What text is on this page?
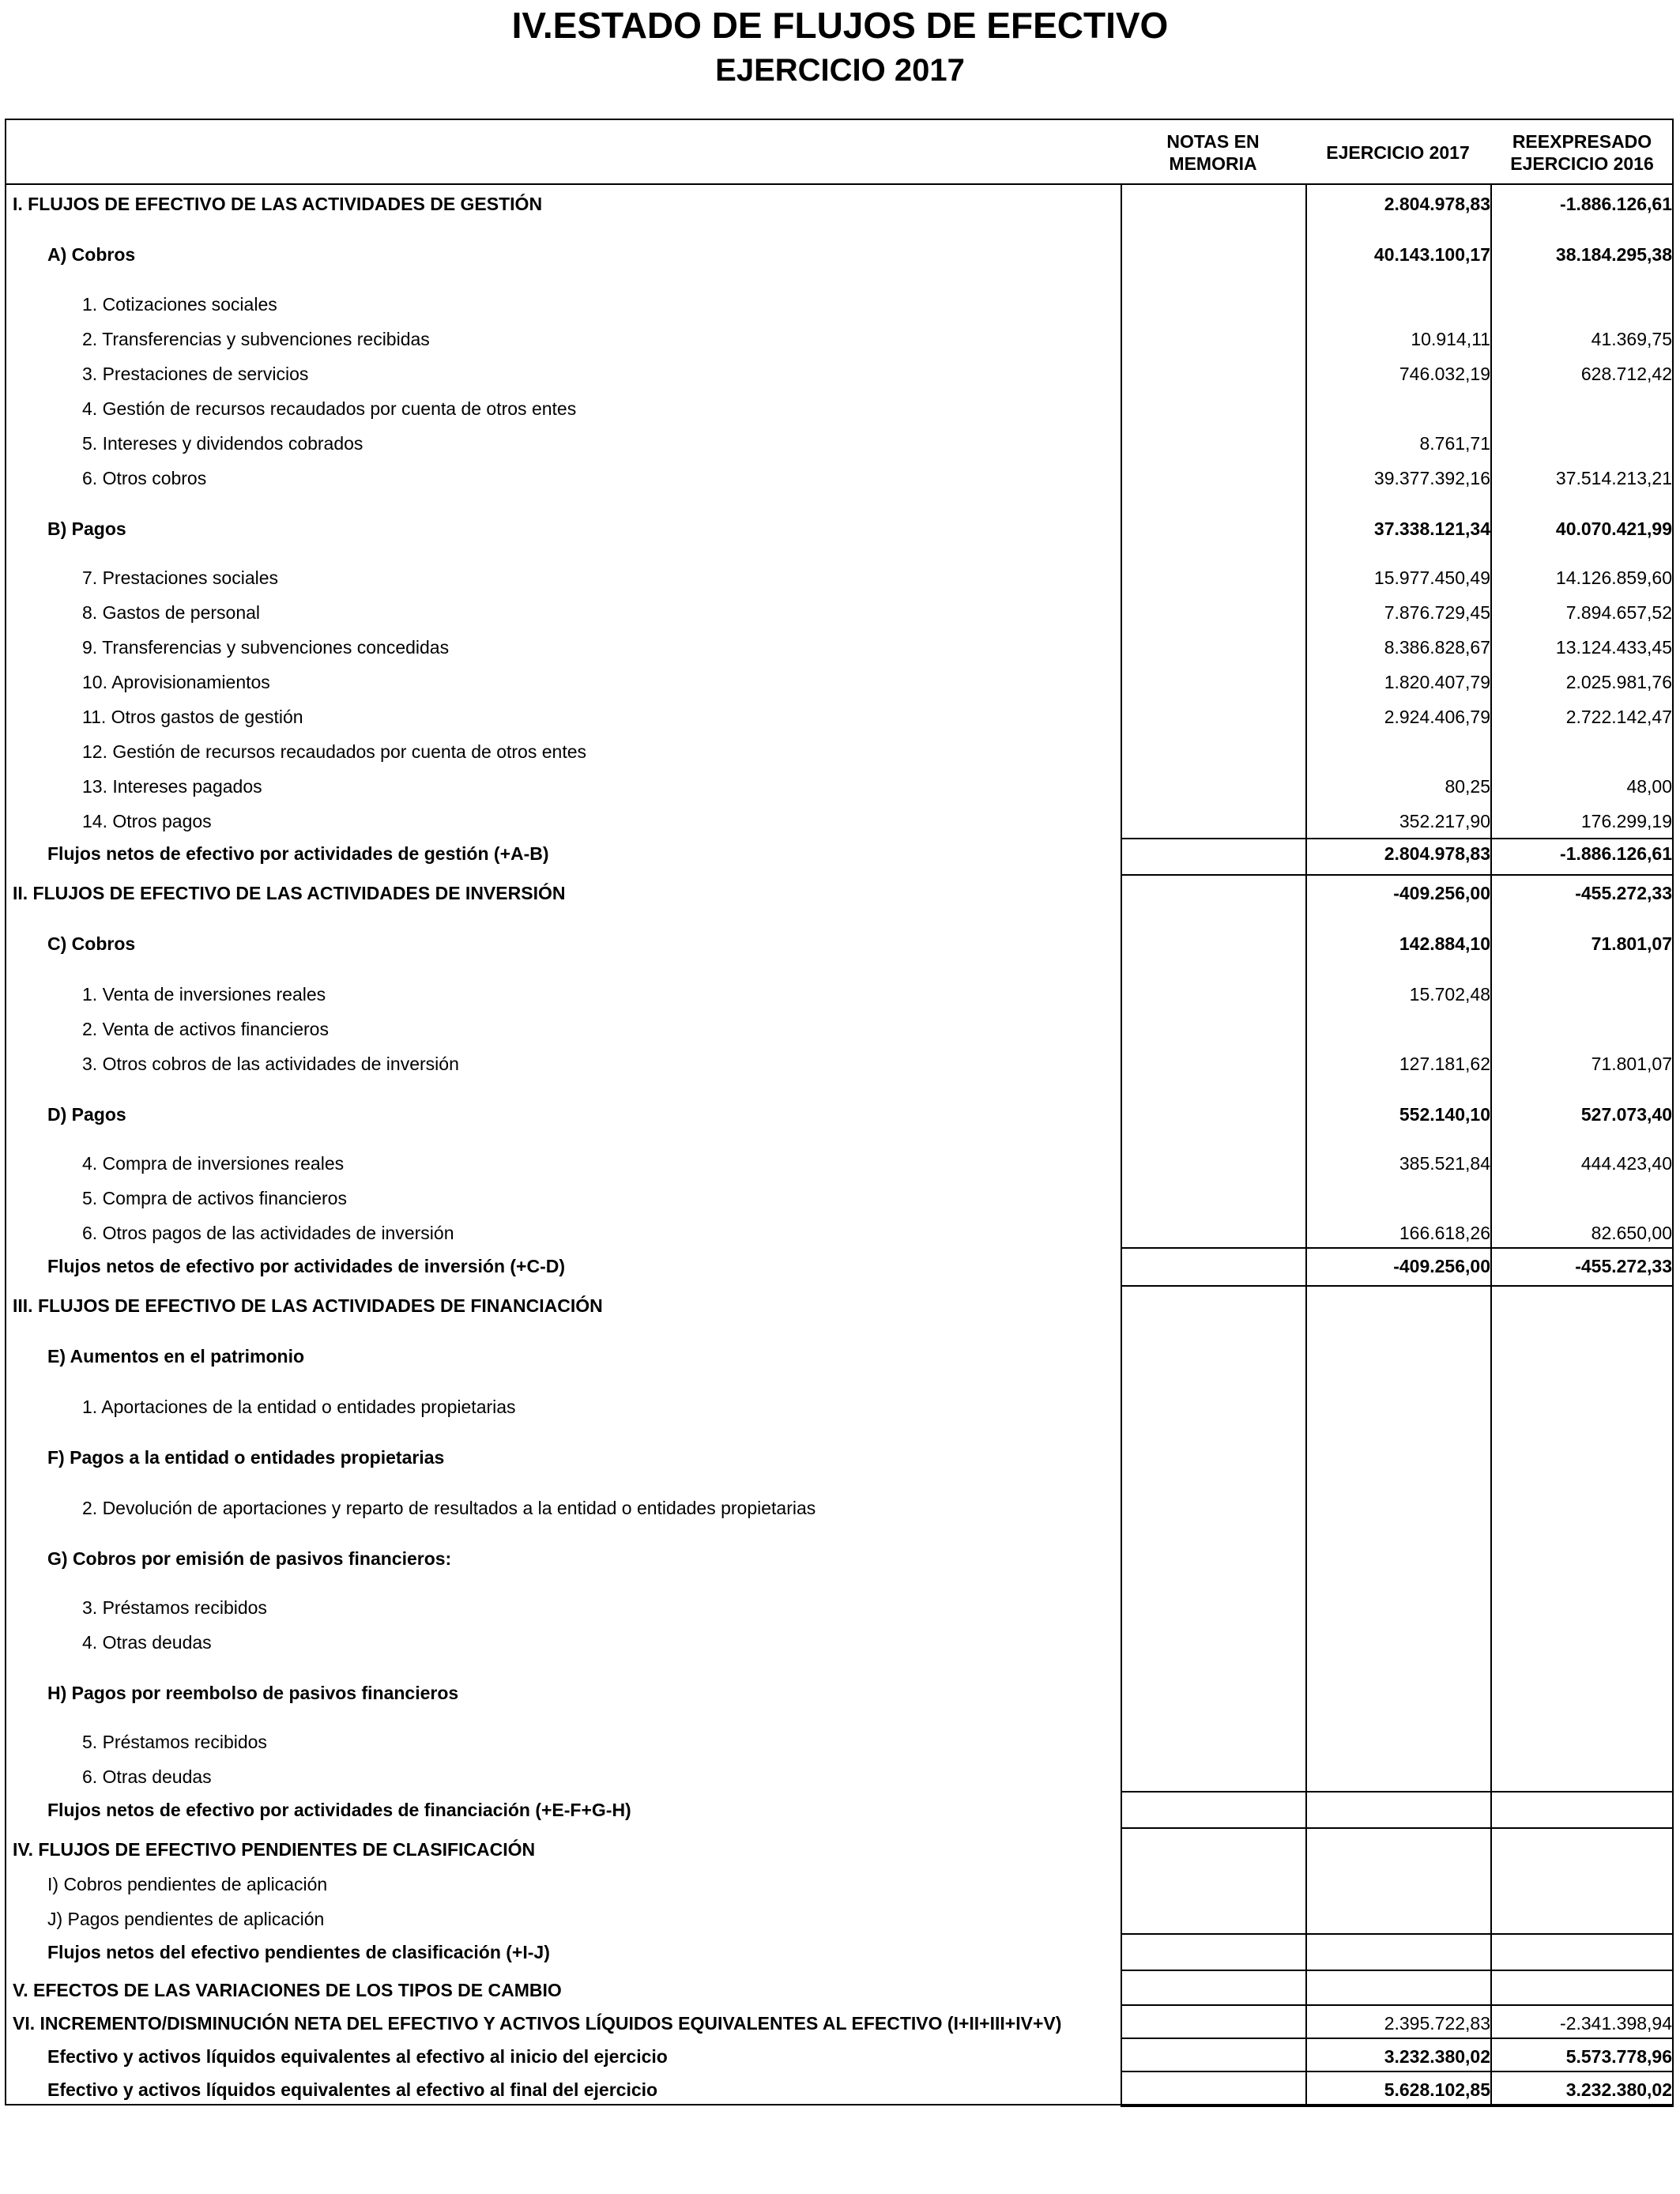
IV.ESTADO DE FLUJOS DE EFECTIVO
EJERCICIO 2017
NOTAS EN
MEMORIA
EJERCICIO 2017
REEXPRESADO
EJERCICIO 2016
I. FLUJOS DE EFECTIVO DE LAS ACTIVIDADES DE GESTIÓN	2.804.978,83	-1.886.126,61
A) Cobros	40.143.100,17	38.184.295,38
1. Cotizaciones sociales
2. Transferencias y subvenciones recibidas	10.914,11	41.369,75
3. Prestaciones de servicios	746.032,19	628.712,42
4. Gestión de recursos recaudados por cuenta de otros entes
5. Intereses y dividendos cobrados	8.761,71
6. Otros cobros	39.377.392,16	37.514.213,21
B) Pagos	37.338.121,34	40.070.421,99
7. Prestaciones sociales	15.977.450,49	14.126.859,60
8. Gastos de personal	7.876.729,45	7.894.657,52
9. Transferencias y subvenciones concedidas	8.386.828,67	13.124.433,45
10. Aprovisionamientos	1.820.407,79	2.025.981,76
11. Otros gastos de gestión	2.924.406,79	2.722.142,47
12. Gestión de recursos recaudados por cuenta de otros entes
13. Intereses pagados	80,25	48,00
14. Otros pagos	352.217,90	176.299,19
Flujos netos de efectivo por actividades de gestión (+A-B)	2.804.978,83	-1.886.126,61
II. FLUJOS DE EFECTIVO DE LAS ACTIVIDADES DE INVERSIÓN	-409.256,00	-455.272,33
C) Cobros	142.884,10	71.801,07
1. Venta de inversiones reales	15.702,48
2. Venta de activos financieros
3. Otros cobros de las actividades de inversión	127.181,62	71.801,07
D) Pagos	552.140,10	527.073,40
4. Compra de inversiones reales	385.521,84	444.423,40
5. Compra de activos financieros
6. Otros pagos de las actividades de inversión	166.618,26	82.650,00
Flujos netos de efectivo por actividades de inversión (+C-D)	-409.256,00	-455.272,33
III. FLUJOS DE EFECTIVO DE LAS ACTIVIDADES DE FINANCIACIÓN
E) Aumentos en el patrimonio
1. Aportaciones de la entidad o entidades propietarias
F) Pagos a la entidad o entidades propietarias
2. Devolución de aportaciones y reparto de resultados a la entidad o entidades propietarias
G) Cobros por emisión de pasivos financieros:
3. Préstamos recibidos
4. Otras deudas
H) Pagos por reembolso de pasivos financieros
5. Préstamos recibidos
6. Otras deudas
Flujos netos de efectivo por actividades de financiación (+E-F+G-H)
IV. FLUJOS DE EFECTIVO PENDIENTES DE CLASIFICACIÓN
I) Cobros pendientes de aplicación
J) Pagos pendientes de aplicación
Flujos netos del efectivo pendientes de clasificación (+I-J)
V. EFECTOS DE LAS VARIACIONES DE LOS TIPOS DE CAMBIO
VI. INCREMENTO/DISMINUCIÓN NETA DEL EFECTIVO Y ACTIVOS LÍQUIDOS EQUIVALENTES AL EFECTIVO (I+II+III+IV+V)	2.395.722,83	-2.341.398,94
Efectivo y activos líquidos equivalentes al efectivo al inicio del ejercicio	3.232.380,02	5.573.778,96
Efectivo y activos líquidos equivalentes al efectivo al final del ejercicio	5.628.102,85	3.232.380,02
